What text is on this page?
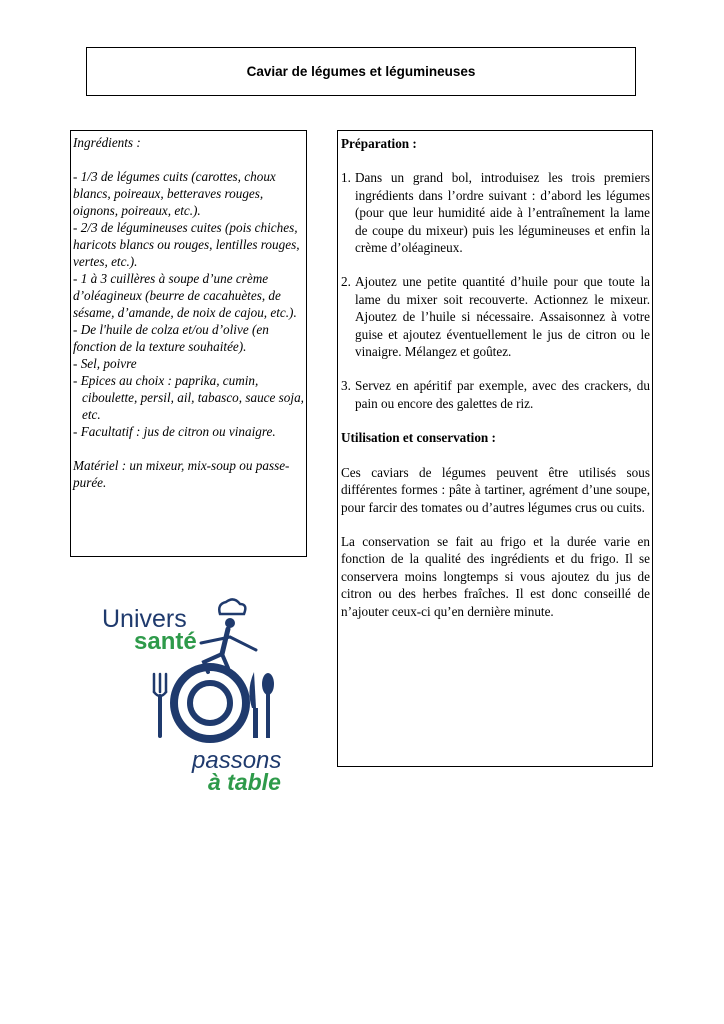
Caviar de légumes et légumineuses

Ingrédients :

- 1/3 de légumes cuits (carottes, choux blancs, poireaux, betteraves rouges, oignons, poireaux, etc.).

- 2/3 de légumineuses cuites (pois chiches, haricots blancs ou rouges, lentilles rouges, vertes, etc.).

- 1 à 3 cuillères à soupe d’une crème d’oléagineux (beurre de cacahuètes, de sésame, d’amande, de noix de cajou, etc.).

- De l'huile de colza et/ou d’olive (en fonction de la texture souhaitée).

- Sel, poivre

- Epices au choix : paprika, cumin,

ciboulette, persil, ail, tabasco, sauce soja, etc.

- Facultatif : jus de citron ou vinaigre.

Matériel : un mixeur, mix-soup ou passe-purée.

Préparation :

1. Dans un grand bol, introduisez les trois premiers ingrédients dans l’ordre suivant : d’abord les légumes (pour que leur humidité aide à l’entraînement la lame de coupe du mixeur) puis les légumineuses et enfin la crème d’oléagineux.
2. Ajoutez une petite quantité d’huile pour que toute la lame du mixer soit recouverte. Actionnez le mixeur. Ajoutez de l’huile si nécessaire. Assaisonnez à votre guise et ajoutez éventuellement le jus de citron ou le vinaigre. Mélangez et goûtez.
3. Servez en apéritif par exemple, avec des crackers, du pain ou encore des galettes de riz.

Utilisation et conservation :

Ces caviars de légumes peuvent être utilisés sous différentes formes : pâte à tartiner, agrément d’une soupe, pour farcir des tomates ou d’autres légumes crus ou cuits.

La conservation se fait au frigo et la durée varie en fonction de la qualité des ingrédients et du frigo. Il se conservera moins longtemps si vous ajoutez du jus de citron ou des herbes fraîches. Il est donc conseillé de n’ajouter ceux-ci qu’en dernière minute.

Univers
santé
passons
à table
